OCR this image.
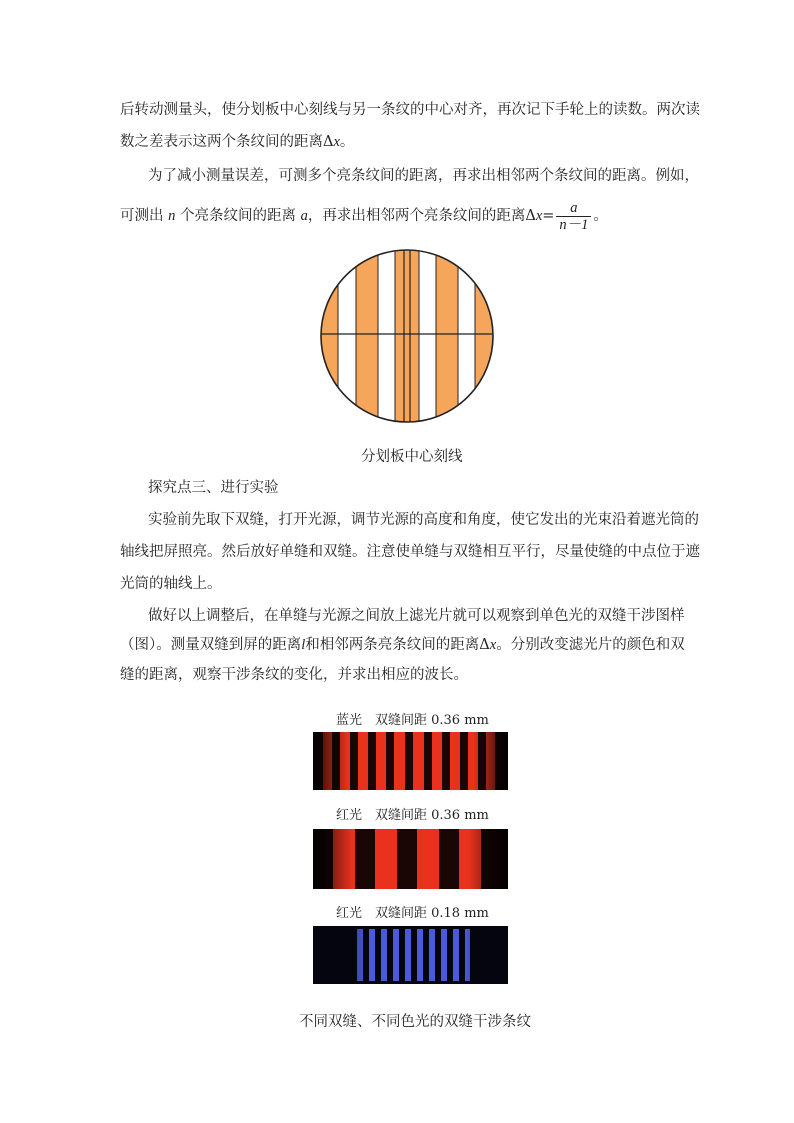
后转动测量头，使分划板中心刻线与另一条纹的中心对齐，再次记下手轮上的读数。两次读
数之差表示这两个条纹间的距离Δx。
为了减小测量误差，可测多个亮条纹间的距离，再求出相邻两个条纹间的距离。例如，
可测出 n 个亮条纹间的距离 a，再求出相邻两个亮条纹间的距离$\Delta x= \frac{a}{n-1}$ 。
分划板中心刻线
探究点三、进行实验
实验前先取下双缝，打开光源，调节光源的高度和角度，使它发出的光束沿着遮光筒的
轴线把屏照亮。然后放好单缝和双缝。注意使单缝与双缝相互平行，尽量使缝的中点位于遮
光筒的轴线上。
做好以上调整后，在单缝与光源之间放上滤光片就可以观察到单色光的双缝干涉图样
（图）。测量双缝到屏的距离l和相邻两条亮条纹间的距离Δx。分别改变滤光片的颜色和双
缝的距离，观察干涉条纹的变化，并求出相应的波长。
蓝光　双缝间距 0.36 mm
红光　双缝间距 0.36 mm
红光　双缝间距 0.18 mm
不同双缝、不同色光的双缝干涉条纹
